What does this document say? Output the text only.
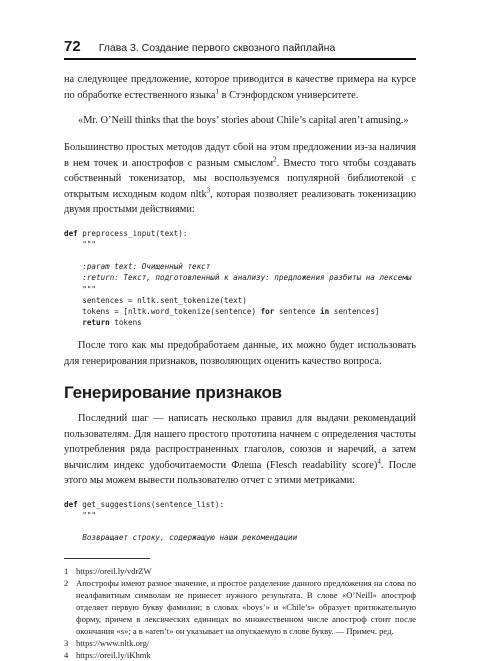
72 Глава 3. Создание первого сквозного пайплайна

на следующее предложение, которое приводится в качестве примера на курсе по обработке естественного языка$^1$ в Стэнфордском университете.

«Mr. O’Neill thinks that the boys’ stories about Chile’s capital aren’t amusing.»

Большинство простых методов дадут сбой на этом предложении из-за наличия в нем точек и апострофов с разным смыслом$^2$. Вместо того чтобы создавать собственный токенизатор, мы воспользуемся популярной библиотекой с открытым исходным кодом nltk$^3$, которая позволяет реализовать токенизацию двумя простыми действиями:

def preprocess_input(text):
"""

:param text: Очищенный текст
:return: Текст, подготовленный к анализу: предложения разбиты на лексемы
"""
sentences = nltk.sent_tokenize(text)
tokens = [nltk.word_tokenize(sentence) for sentence in sentences]
return tokens

После того как мы предобработаем данные, их можно будет использовать для генерирования признаков, позволяющих оценить качество вопроса.

Генерирование признаков

Последний шаг — написать несколько правил для выдачи рекомендаций пользователям. Для нашего простого прототипа начнем с определения частоты употребления ряда распространенных глаголов, союзов и наречий, а затем вычислим индекс удобочитаемости Флеша (Flesch readability score)$^4$. После этого мы можем вывести пользователю отчет с этими метриками:

def get_suggestions(sentence_list):
"""

Возвращает строку, содержащую наши рекомендации
1 https://oreil.ly/vdrZW
2 Апострофы имеют разное значение, и простое разделение данного предложения на слова по неалфавитным символам не принесет нужного результата. В слове «O’Neill» апостроф отделяет первую букву фамилии; в словах «boys’» и «Chile’s» образует притяжательную форму, причем в лексических единицах во множественном числе апостроф стоит после окончания «s»; а в «aren’t» он указывает на опускаемую в слове букву. — Примеч. ред.
3 https://www.nltk.org/
4 https://oreil.ly/iKhmk
